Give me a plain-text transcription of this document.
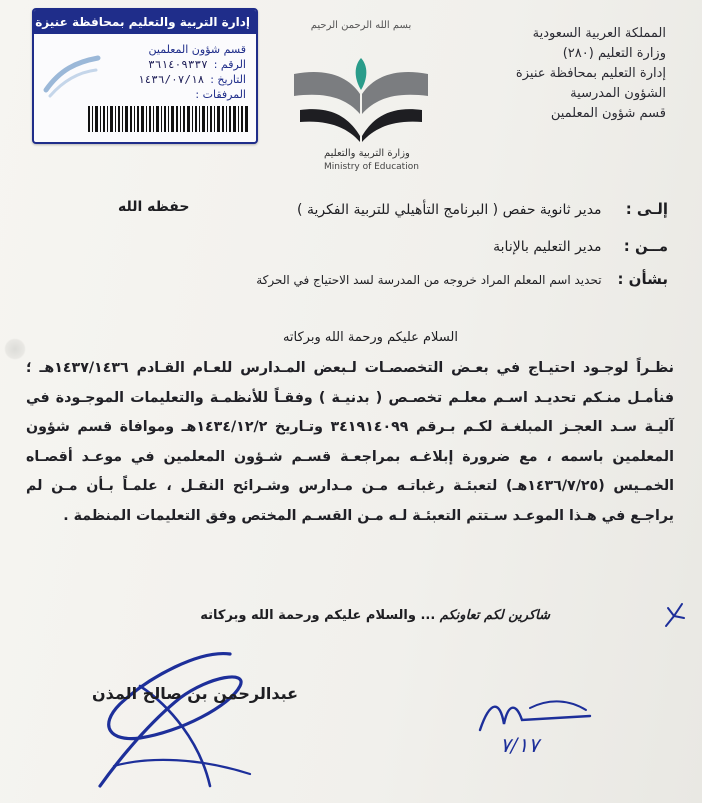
إدارة التربية والتعليم بمحافظة عنيزة
قسم شؤون المعلمين
الرقم :
٣٦١٤٠٩٣٣٧
التاريخ :
١٤٣٦/٠٧/١٨
المرفقات :
بسم الله الرحمن الرحيم
وزارة التربية والتعليم
Ministry of Education
المملكة العربية السعودية
وزارة التعليم (٢٨٠)
إدارة التعليم بمحافظة عنيزة
الشؤون المدرسية
قسم شؤون المعلمين
إلـى : مدير ثانوية حفص ( البرنامج التأهيلي للتربية الفكرية )
حفظه الله
مــن : مدير التعليم بالإنابة
بشأن : تحديد اسم المعلم المراد خروجه من المدرسة لسد الاحتياج في الحركة
السلام عليكم ورحمة الله وبركاته
نظـراً لوجـود احتيـاج في بعـض التخصصـات لـبعض المـدارس للعـام القـادم ١٤٣٧/١٤٣٦هـ ؛ فنأمـل منـكم تحديـد اسـم معلـم تخصـص ( بدنيـة ) وفقـاً للأنظمـة والتعليمات الموجـودة في آليـة سـد العجـز المبلغـة لكـم بـرقم ٣٤١٩١٤٠٩٩ وتـاريخ ١٤٣٤/١٢/٢هـ وموافاة قسم شؤون المعلمين باسمه ، مع ضرورة إبلاغـه بمراجعـة قسـم شـؤون المعلمين في موعـد أقصـاه الخمـيس (١٤٣٦/٧/٢٥هـ) لتعبئـة رغباتـه مـن مـدارس وشـرائح النقـل ، علمـاً بـأن مـن لم يراجـع في هـذا الموعـد سـتتم التعبئـة لـه مـن القسـم المختص وفق التعليمات المنظمة .
شاكرين لكم تعاونكم ... والسلام عليكم ورحمة الله وبركاته
عبدالرحمن بن صالح المذن
٧/١٧
